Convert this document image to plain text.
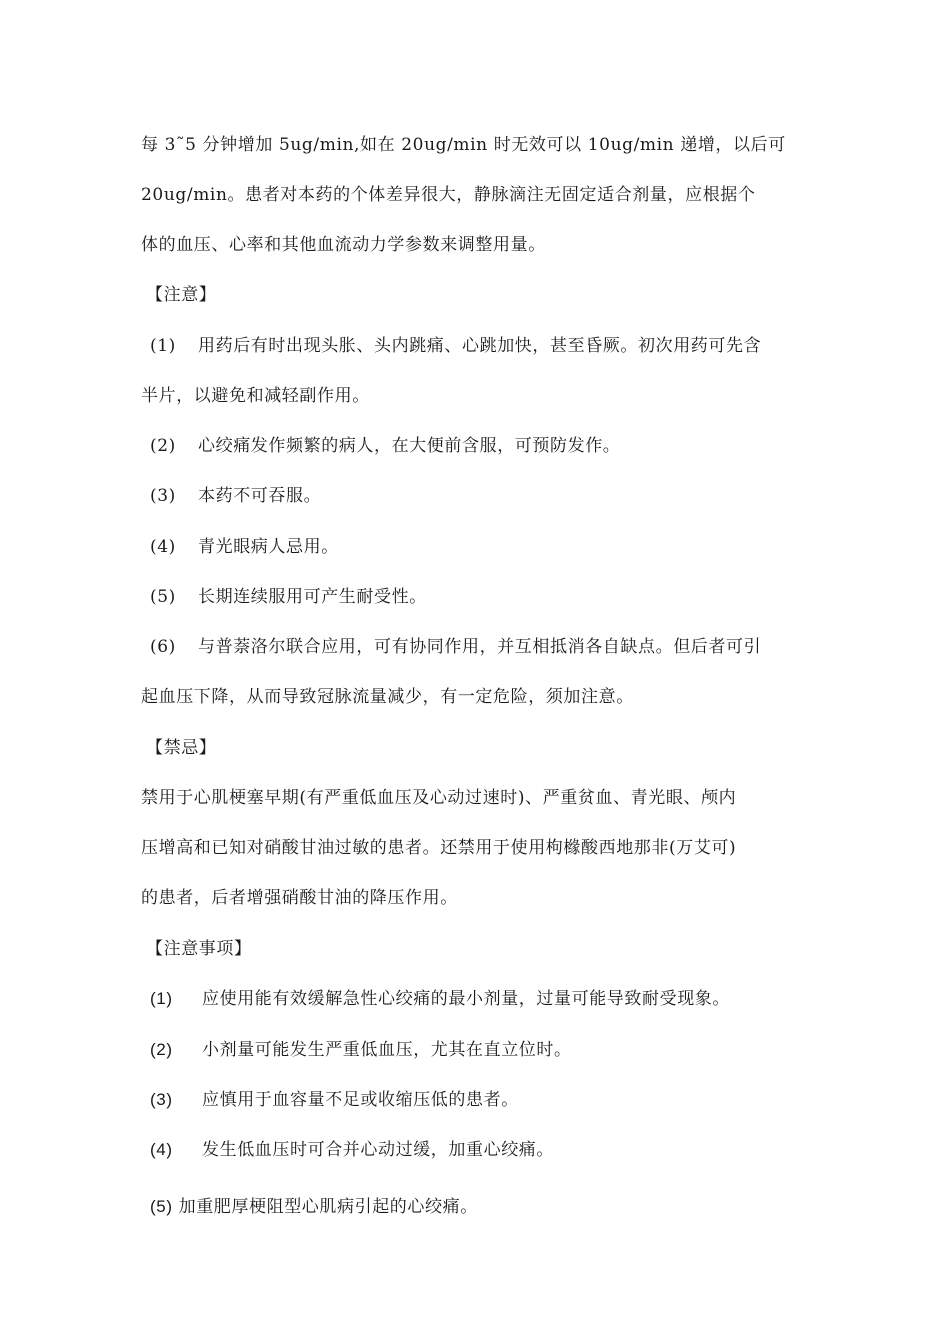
每 3˜5 分钟增加 5ug/min,如在 20ug/min 时无效可以 10ug/min 递增，以后可
20ug/min。患者对本药的个体差异很大，静脉滴注无固定适合剂量，应根据个
体的血压、心率和其他血流动力学参数来调整用量。
【注意】
(1) 用药后有时出现头胀、头内跳痛、心跳加快，甚至昏厥。初次用药可先含
半片，以避免和减轻副作用。
(2) 心绞痛发作频繁的病人，在大便前含服，可预防发作。
(3) 本药不可吞服。
(4) 青光眼病人忌用。
(5) 长期连续服用可产生耐受性。
(6) 与普萘洛尔联合应用，可有协同作用，并互相抵消各自缺点。但后者可引
起血压下降，从而导致冠脉流量减少，有一定危险，须加注意。
【禁忌】
禁用于心肌梗塞早期(有严重低血压及心动过速时)、严重贫血、青光眼、颅内
压增高和已知对硝酸甘油过敏的患者。还禁用于使用枸橼酸西地那非(万艾可)
的患者，后者增强硝酸甘油的降压作用。
【注意事项】
(1) 应使用能有效缓解急性心绞痛的最小剂量，过量可能导致耐受现象。
(2) 小剂量可能发生严重低血压，尤其在直立位时。
(3) 应慎用于血容量不足或收缩压低的患者。
(4) 发生低血压时可合并心动过缓，加重心绞痛。
(5) 加重肥厚梗阻型心肌病引起的心绞痛。
